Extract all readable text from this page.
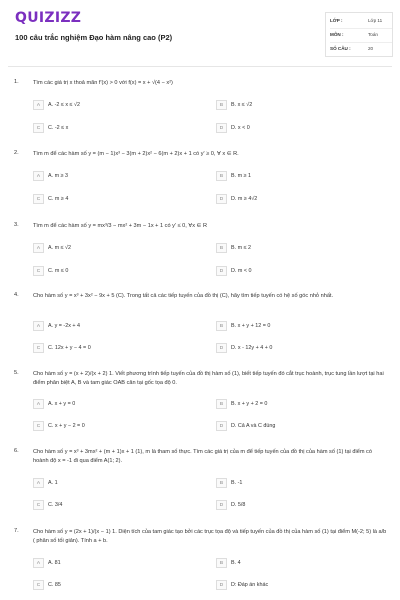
QUIZIZZ
100 câu trắc nghiệm Đạo hàm nâng cao (P2)
LỚP :	Lớp 11
MÔN :	Toán
SỐ CÂU :	20
1.	Tìm các giá trị x thoả mãn f'(x) > 0 với f(x) = x + √(4 − x²)
A	A. -2 ≤ x ≤ √2	B	B. x ≤ √2
C	C. -2 ≤ x	D	D. x < 0
2.	Tìm m để các hàm số y = (m − 1)x³ − 3(m + 2)x² − 6(m + 2)x + 1 có y' ≥ 0, ∀ x ∈ R.
A	A. m ≥ 3	B	B. m ≥ 1
C	C. m ≥ 4	D	D. m ≥ 4√2
3.	Tìm m để các hàm số y = mx³/3 − mx² + 3m − 1x + 1 có y' ≤ 0, ∀x ∈ R
A	A. m ≤ √2	B	B. m ≤ 2
C	C. m ≤ 0	D	D. m < 0
4.	Cho hàm số y = x³ + 3x² − 9x + 5 (C). Trong tất cả các tiếp tuyến của đồ thị (C), hãy tìm tiếp tuyến có hệ số góc nhỏ nhất.
A	A. y = -2x + 4	B	B. x + y + 12 = 0
C	C. 12x + y − 4 = 0	D	D. x - 12y + 4 + 0
5.	Cho hàm số y = (x + 2)/(x + 2) 1. Viết phương trình tiếp tuyến của đồ thị hàm số (1), biết tiếp tuyến đó cắt trục hoành, trục tung lần lượt tại hai điểm phân biệt A, B và tam giác OAB cân tại gốc tọa độ 0.
A	A. x + y = 0	B	B. x + y + 2 = 0
C	C. x + y − 2 = 0	D	D. Cả A và C đúng
6.	Cho hàm số y = x³ + 3mx² + (m + 1)x + 1 (1), m là tham số thực. Tìm các giá trị của m để tiếp tuyến của đồ thị của hàm số (1) tại điểm có hoành độ x = -1 đi qua điểm A(1; 2).
A	A. 1	B	B. -1
C	C. 3/4	D	D. 5/8
7.	Cho hàm số y = (2x + 1)/(x − 1) 1. Diện tích của tam giác tạo bởi các trục tọa độ và tiếp tuyến của đồ thị của hàm số (1) tại điểm M(-2; 5) là a/b ( phân số tối giản). Tính a + b.
A	A. 81	B	B. 4
C	C. 85	D	D: Đáp án khác
